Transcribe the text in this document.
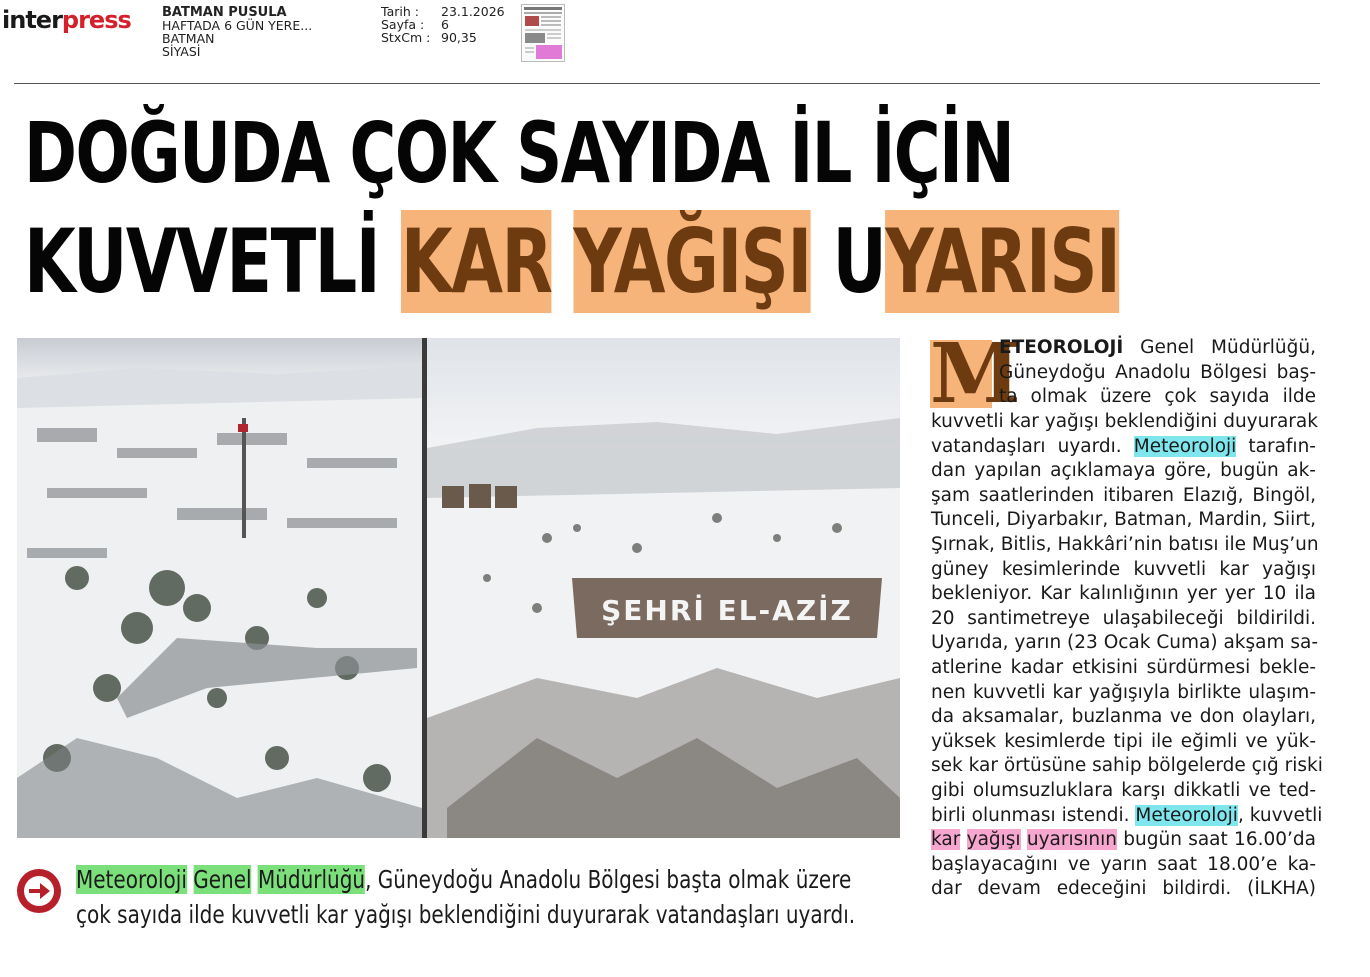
interpress BATMAN PUSULA
HAFTADA 6 GÜN YERE...
BATMAN
SİYASİ
Tarih :	23.1.2026
Sayfa :	6
StxCm : 90,35
DOĞUDA ÇOK SAYIDA İL İÇİN
KUVVETLİ KAR YAĞIŞI UYARISI
ŞEHRİ EL-AZİZ
Meteoroloji Genel Müdürlüğü, Güneydoğu Anadolu Bölgesi başta olmak üzere
çok sayıda ilde kuvvetli kar yağışı beklendiğini duyurarak vatandaşları uyardı.
M
ETEOROLOJİ Genel Müdürlüğü,
Güneydoğu Anadolu Bölgesi baş-
ta olmak üzere çok sayıda ilde
kuvvetli kar yağışı beklendiğini duyurarak
vatandaşları uyardı. Meteoroloji tarafın-
dan yapılan açıklamaya göre, bugün ak-
şam saatlerinden itibaren Elazığ, Bingöl,
Tunceli, Diyarbakır, Batman, Mardin, Siirt,
Şırnak, Bitlis, Hakkâri’nin batısı ile Muş’un
güney kesimlerinde kuvvetli kar yağışı
bekleniyor. Kar kalınlığının yer yer 10 ila
20 santimetreye ulaşabileceği bildirildi.
Uyarıda, yarın (23 Ocak Cuma) akşam sa-
atlerine kadar etkisini sürdürmesi bekle-
nen kuvvetli kar yağışıyla birlikte ulaşım-
da aksamalar, buzlanma ve don olayları,
yüksek kesimlerde tipi ile eğimli ve yük-
sek kar örtüsüne sahip bölgelerde çığ riski
gibi olumsuzluklara karşı dikkatli ve ted-
birli olunması istendi. Meteoroloji, kuvvetli
kar yağışı uyarısının bugün saat 16.00’da
başlayacağını ve yarın saat 18.00’e ka-
dar devam edeceğini bildirdi. (İLKHA)
